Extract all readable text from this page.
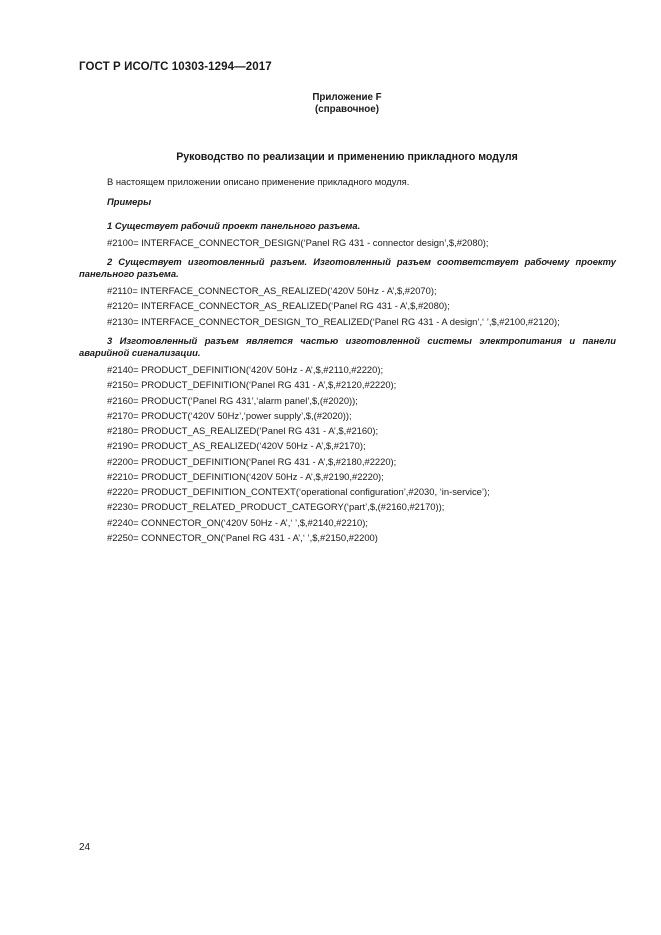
ГОСТ Р ИСО/ТС 10303-1294—2017
Приложение F
(справочное)
Руководство по реализации и применению прикладного модуля
В настоящем приложении описано применение прикладного модуля.
Примеры
1 Существует рабочий проект панельного разъема.
#2100= INTERFACE_CONNECTOR_DESIGN(‘Panel RG 431 - connector design’,$,#2080);
2 Существует изготовленный разъем. Изготовленный разъем соответствует рабочему проекту панельного разъема.
#2110= INTERFACE_CONNECTOR_AS_REALIZED(‘420V 50Hz - A’,$,#2070);
#2120= INTERFACE_CONNECTOR_AS_REALIZED(‘Panel RG 431 - A’,$,#2080);
#2130= INTERFACE_CONNECTOR_DESIGN_TO_REALIZED(‘Panel RG 431 - A design’,‘ ’,$,#2100,#2120);
3 Изготовленный разъем является частью изготовленной системы электропитания и панели аварийной сигнализации.
#2140= PRODUCT_DEFINITION(‘420V 50Hz - A’,$,#2110,#2220);
#2150= PRODUCT_DEFINITION(‘Panel RG 431 - A’,$,#2120,#2220);
#2160= PRODUCT(‘Panel RG 431’,‘alarm panel’,$,(#2020));
#2170= PRODUCT(‘420V 50Hz’,‘power supply’,$,(#2020));
#2180= PRODUCT_AS_REALIZED(‘Panel RG 431 - A’,$,#2160);
#2190= PRODUCT_AS_REALIZED(‘420V 50Hz - A’,$,#2170);
#2200= PRODUCT_DEFINITION(‘Panel RG 431 - A’,$,#2180,#2220);
#2210= PRODUCT_DEFINITION(‘420V 50Hz - A’,$,#2190,#2220);
#2220= PRODUCT_DEFINITION_CONTEXT(‘operational configuration’,#2030, ‘in-service’);
#2230= PRODUCT_RELATED_PRODUCT_CATEGORY(‘part’,$,(#2160,#2170));
#2240= CONNECTOR_ON(‘420V 50Hz - A’,‘ ’,$,#2140,#2210);
#2250= CONNECTOR_ON(‘Panel RG 431 - A’,‘ ’,$,#2150,#2200)
24
